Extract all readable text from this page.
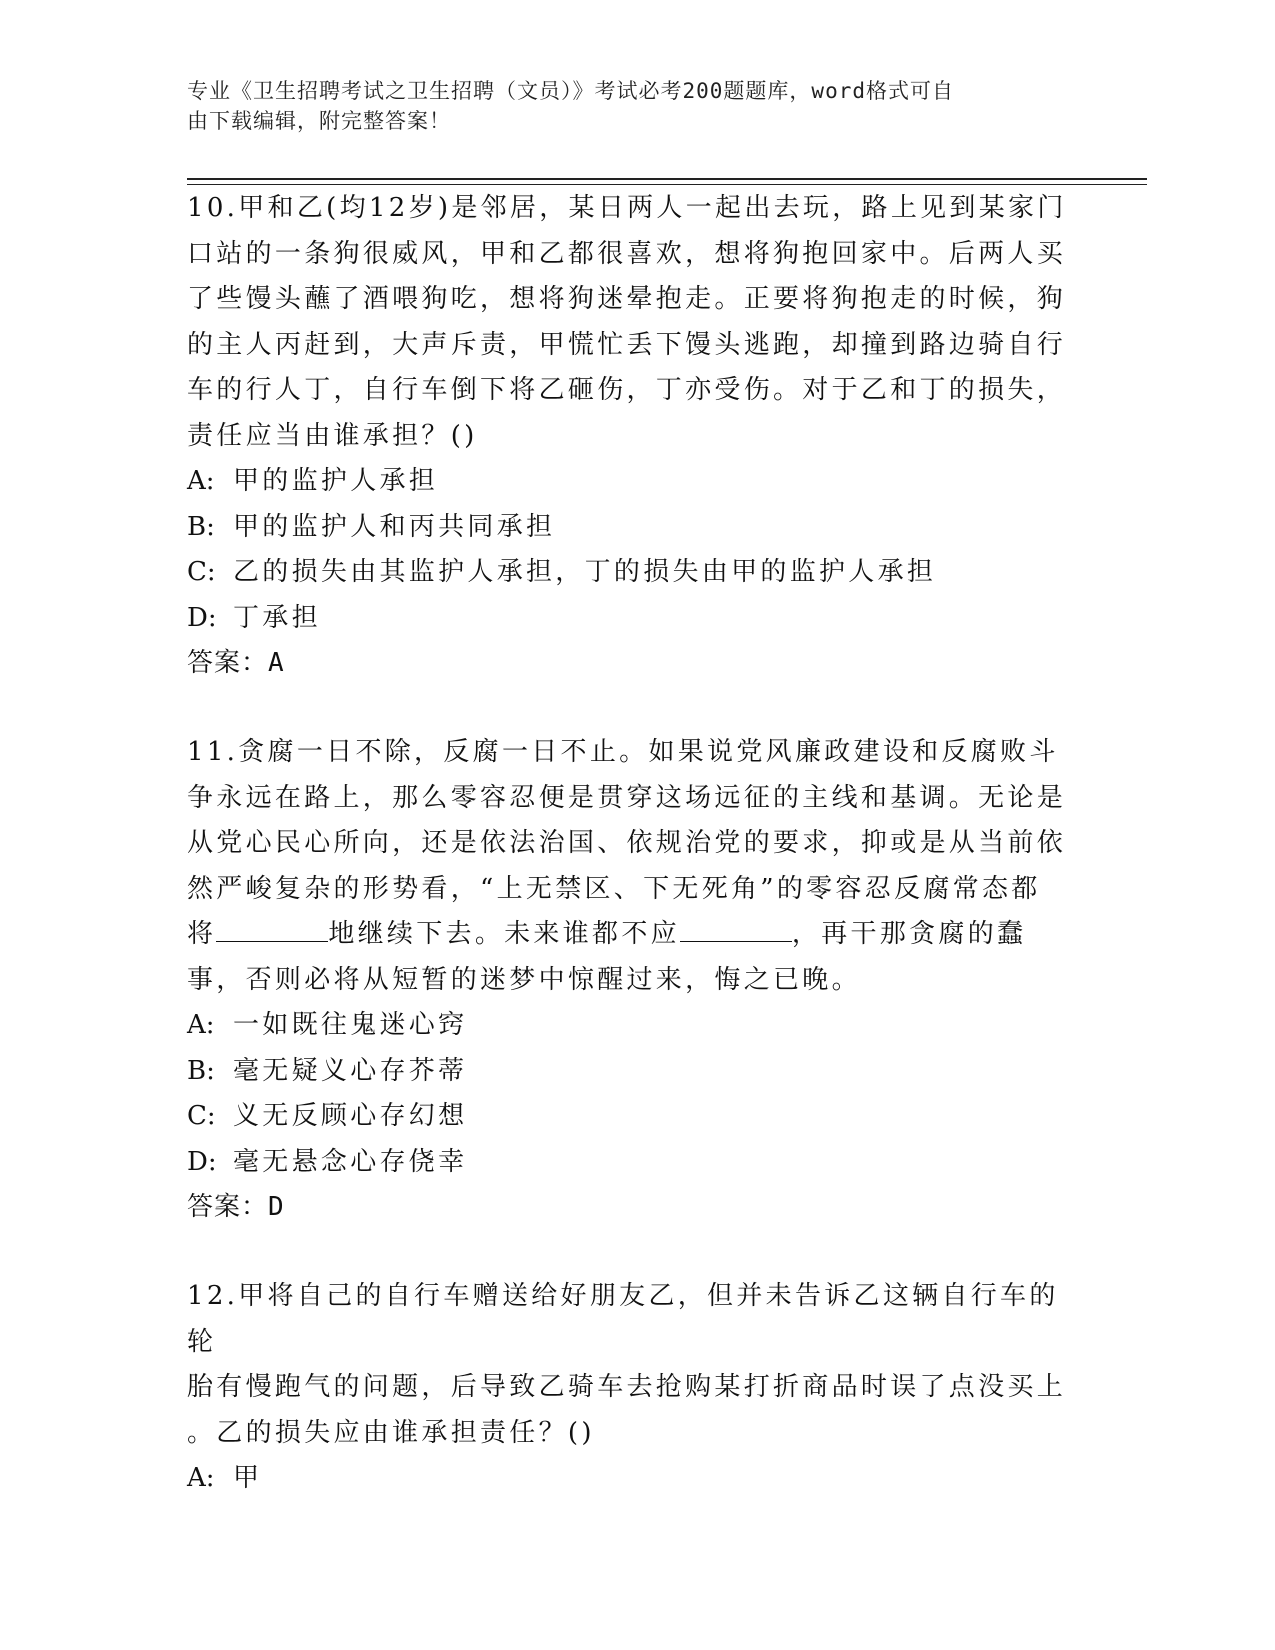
专业《卫生招聘考试之卫生招聘（文员）》考试必考200题题库，word格式可自
由下载编辑，附完整答案！

10.甲和乙(均12岁)是邻居，某日两人一起出去玩，路上见到某家门口站的一条狗很威风，甲和乙都很喜欢，想将狗抱回家中。后两人买了些馒头蘸了酒喂狗吃，想将狗迷晕抱走。正要将狗抱走的时候，狗的主人丙赶到，大声斥责，甲慌忙丢下馒头逃跑，却撞到路边骑自行车的行人丁，自行车倒下将乙砸伤，丁亦受伤。对于乙和丁的损失，责任应当由谁承担？()

A: 甲的监护人承担
B: 甲的监护人和丙共同承担
C: 乙的损失由其监护人承担，丁的损失由甲的监护人承担
D: 丁承担
答案：A

11.贪腐一日不除，反腐一日不止。如果说党风廉政建设和反腐败斗争永远在路上，那么零容忍便是贯穿这场远征的主线和基调。无论是从党心民心所向，还是依法治国、依规治党的要求，抑或是从当前依然严峻复杂的形势看，“上无禁区、下无死角”的零容忍反腐常态都将	地继续下去。未来谁都不应	，再干那贪腐的蠢事，否则必将从短暂的迷梦中惊醒过来，悔之已晚。

A: 一如既往鬼迷心窍
B: 毫无疑义心存芥蒂
C: 义无反顾心存幻想
D: 毫无悬念心存侥幸
答案：D
12.甲将自己的自行车赠送给好朋友乙，但并未告诉乙这辆自行车的轮
胎有慢跑气的问题，后导致乙骑车去抢购某打折商品时误了点没买上
。乙的损失应由谁承担责任？()
A: 甲
